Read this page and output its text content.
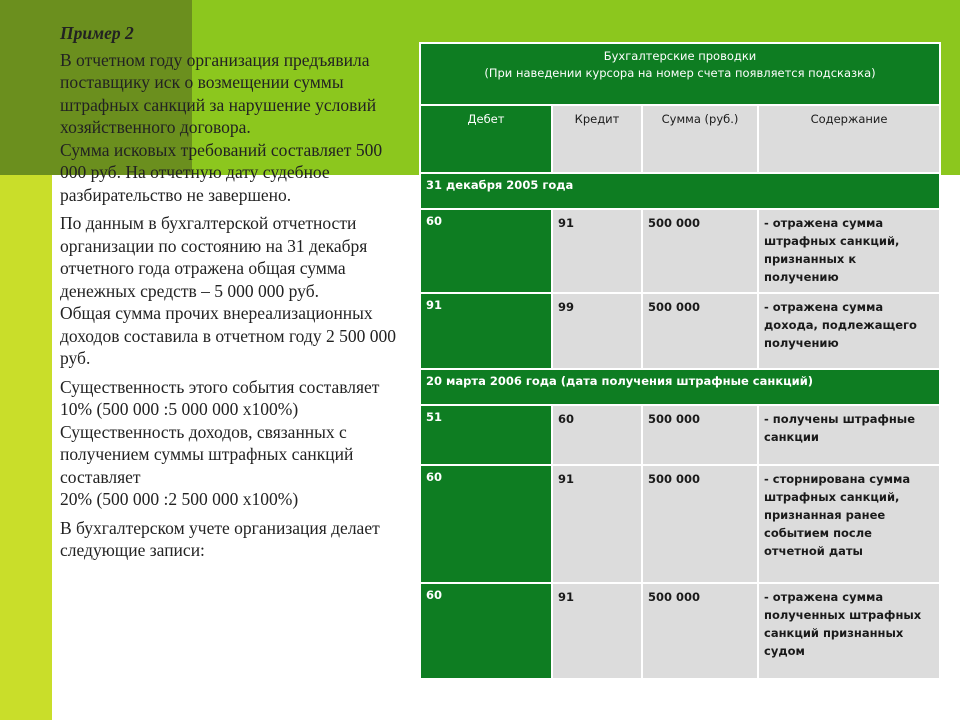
Пример 2

В отчетном году организация предъявила поставщику иск о возмещении суммы штрафных санкций за нарушение условий хозяйственного договора.

Сумма исковых требований составляет 500 000 руб. На отчетную дату судебное разбирательство не завершено.

По данным в бухгалтерской отчетности организации по состоянию на 31 декабря отчетного года отражена общая сумма денежных средств – 5 000 000 руб.

Общая сумма прочих внереализационных доходов составила в отчетном году 2 500 000 руб.

Существенность этого события составляет 10% (500 000 :5 000 000 х100%)

Существенность доходов, связанных с получением суммы штрафных санкций составляет

20% (500 000 :2 500 000 х100%)

В бухгалтерском учете организация делает следующие записи:

Бухгалтерские проводки
(При наведении курсора на номер счета появляется подсказка)			

Дебет	Кредит	Сумма (руб.)	Содержание
31 декабря 2005 года			
60	91	500 000	- отражена сумма штрафных санкций, признанных к получению
91	99	500 000	- отражена сумма дохода, подлежащего получению
20 марта 2006 года (дата получения штрафные санкций)			
51	60	500 000	- получены штрафные санкции
60	91	500 000	- сторнирована сумма штрафных санкций, признанная ранее событием после отчетной даты
60	91	500 000	- отражена сумма полученных штрафных санкций признанных судом
